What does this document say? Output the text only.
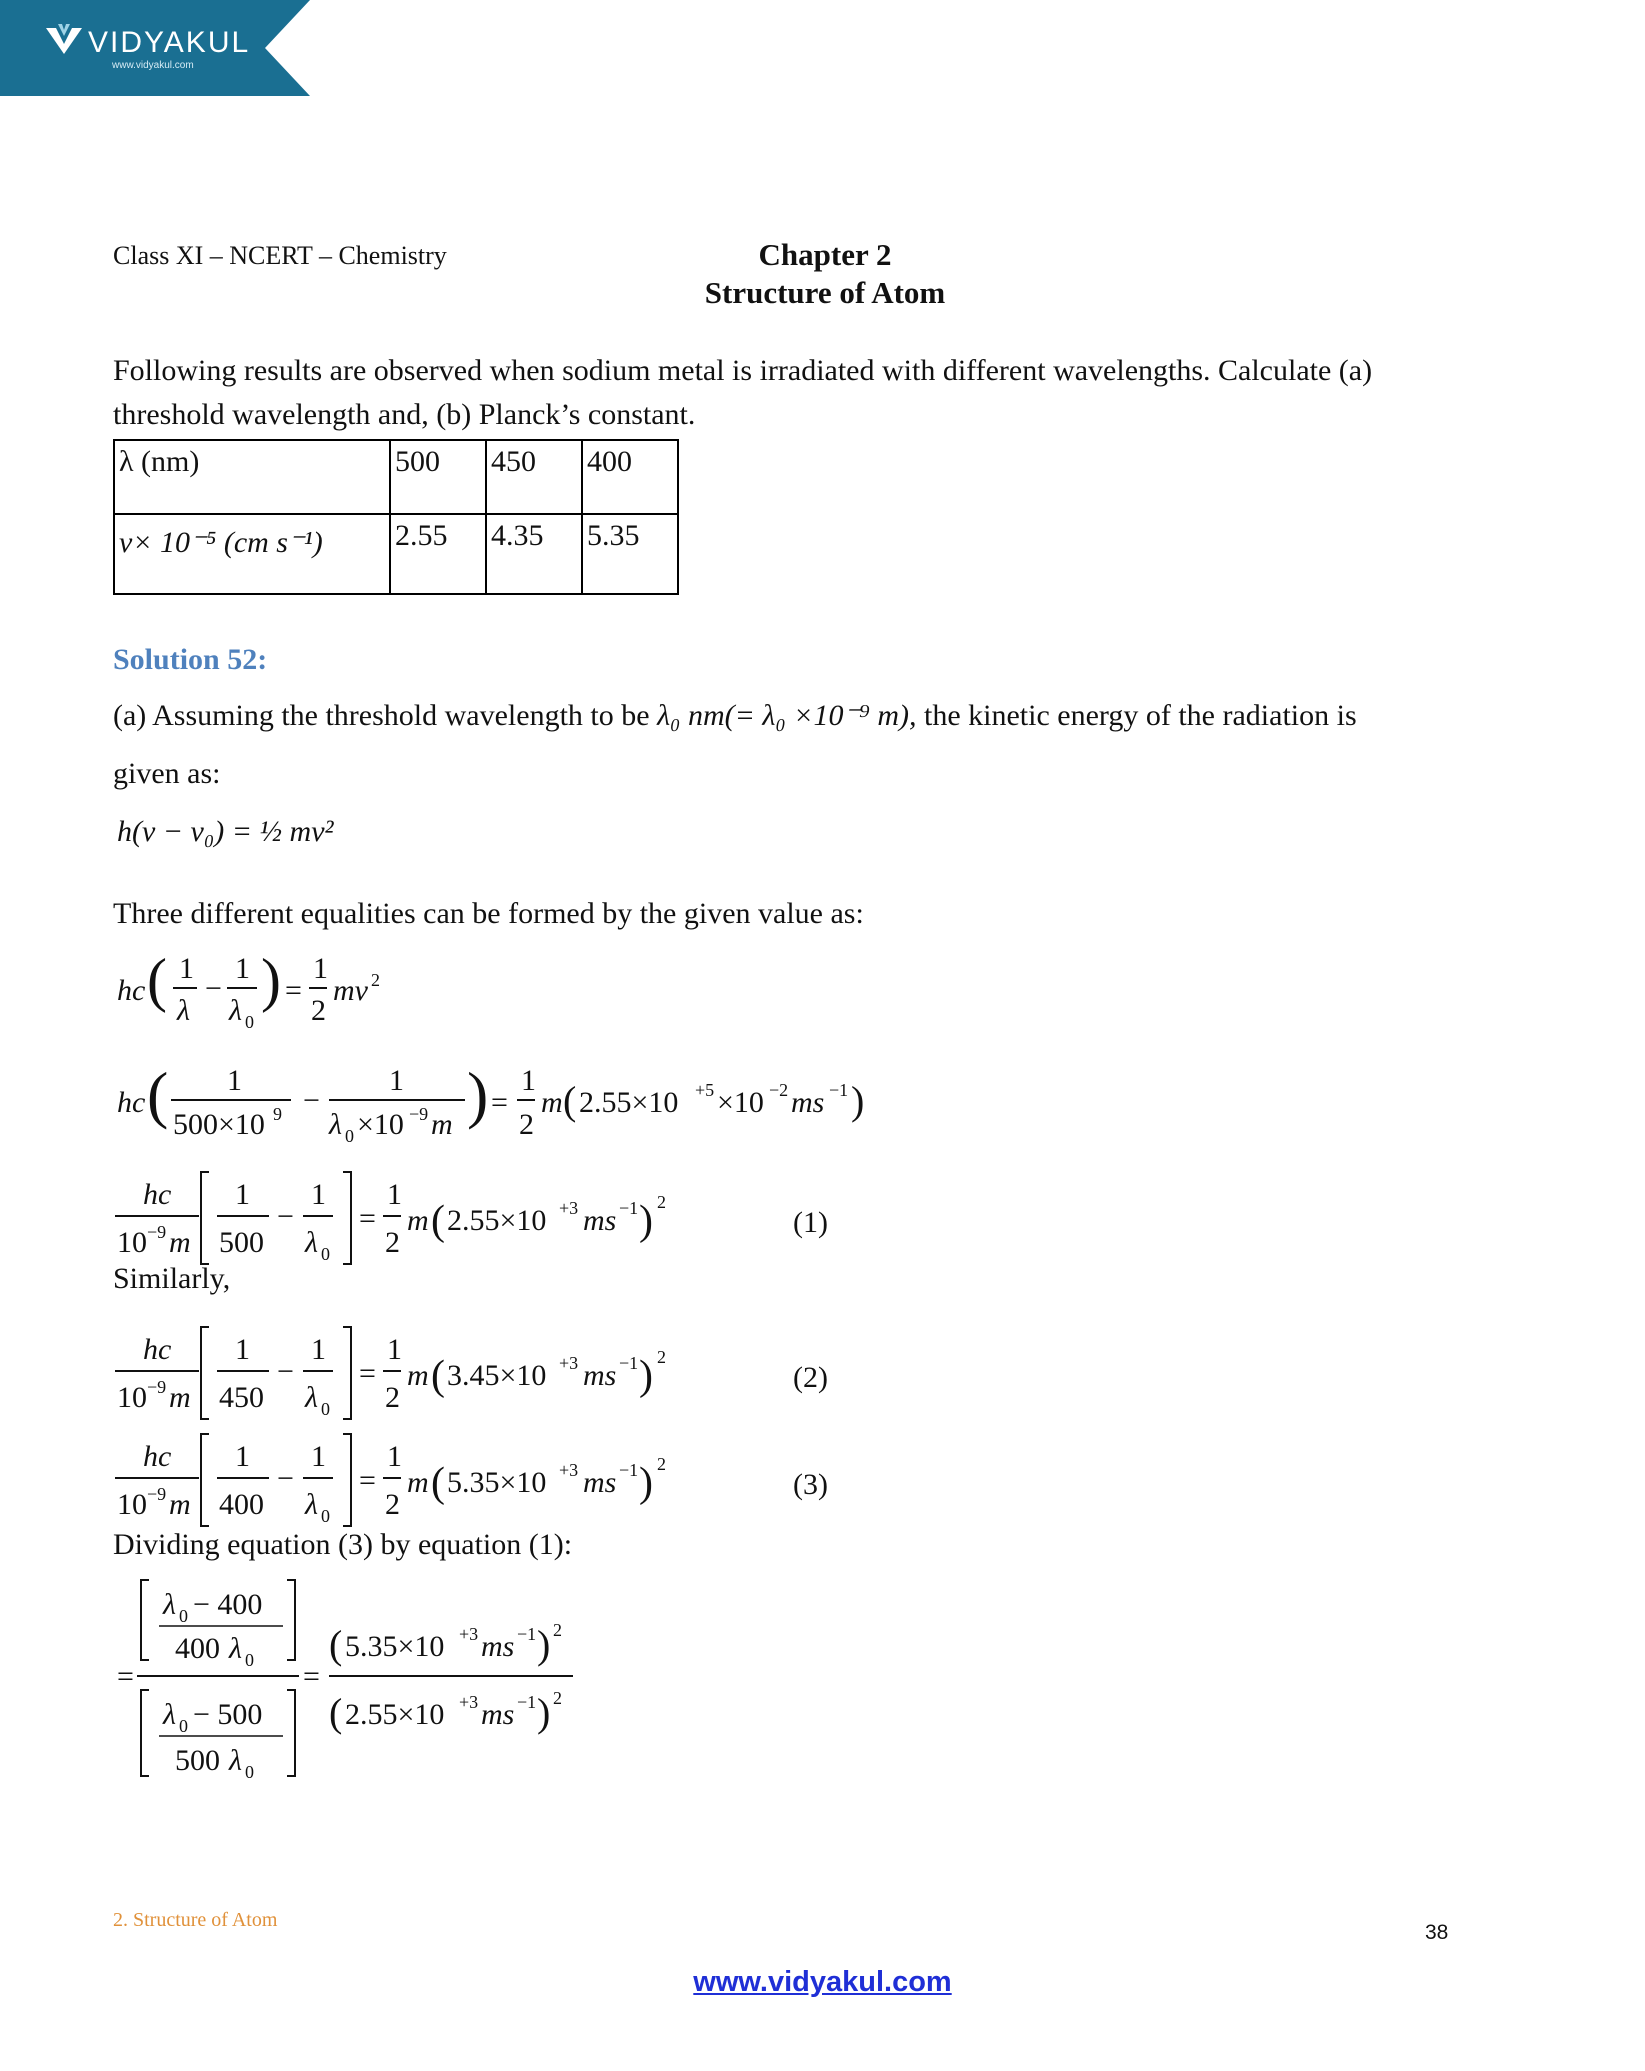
VIDYAKUL
www.vidyakul.com
Class XI – NCERT – Chemistry	Chapter 2
Structure of Atom
Following results are observed when sodium metal is irradiated with different wavelengths. Calculate (a)
threshold wavelength and, (b) Planck’s constant.
λ (nm)	500	450	400
v× 10⁻⁵ (cm s⁻¹)	2.55	4.35	5.35
Solution 52:
(a) Assuming the threshold wavelength to be λ₀ nm(= λ₀ ×10⁻⁹ m), the kinetic energy of the radiation is
given as:
h(v − v₀) = ½ mv²
Three different equalities can be formed by the given value as:
hc ( 1
λ
−
1
λ 0
) =
1
2
mv 2
hc ( 1
500×10 9 −
1
λ 0 ×10 −9 m ) =
1
2
m ( 2.55×10 +5 ×10 −2 ms −1 )
hc
10 −9 m
1
500
−
1
λ 0
=
1
2
m ( 2.55×10 +3 ms −1 ) 2
(1)
hc
10 −9 m
1
450
−
1
λ 0
=
1
2
m ( 3.45×10 +3 ms −1 ) 2
(2)
hc
10 −9 m
1
400
−
1
λ 0
=
1
2
m ( 5.35×10 +3 ms −1 ) 2
(3)
Similarly,
Dividing equation (3) by equation (1):
=
λ 0 − 400
400 λ 0
λ 0 − 500
500 λ 0
=
( 5.35×10 +3 ms −1 ) 2
( 2.55×10 +3 ms −1 ) 2
2. Structure of Atom
38
www.vidyakul.com
